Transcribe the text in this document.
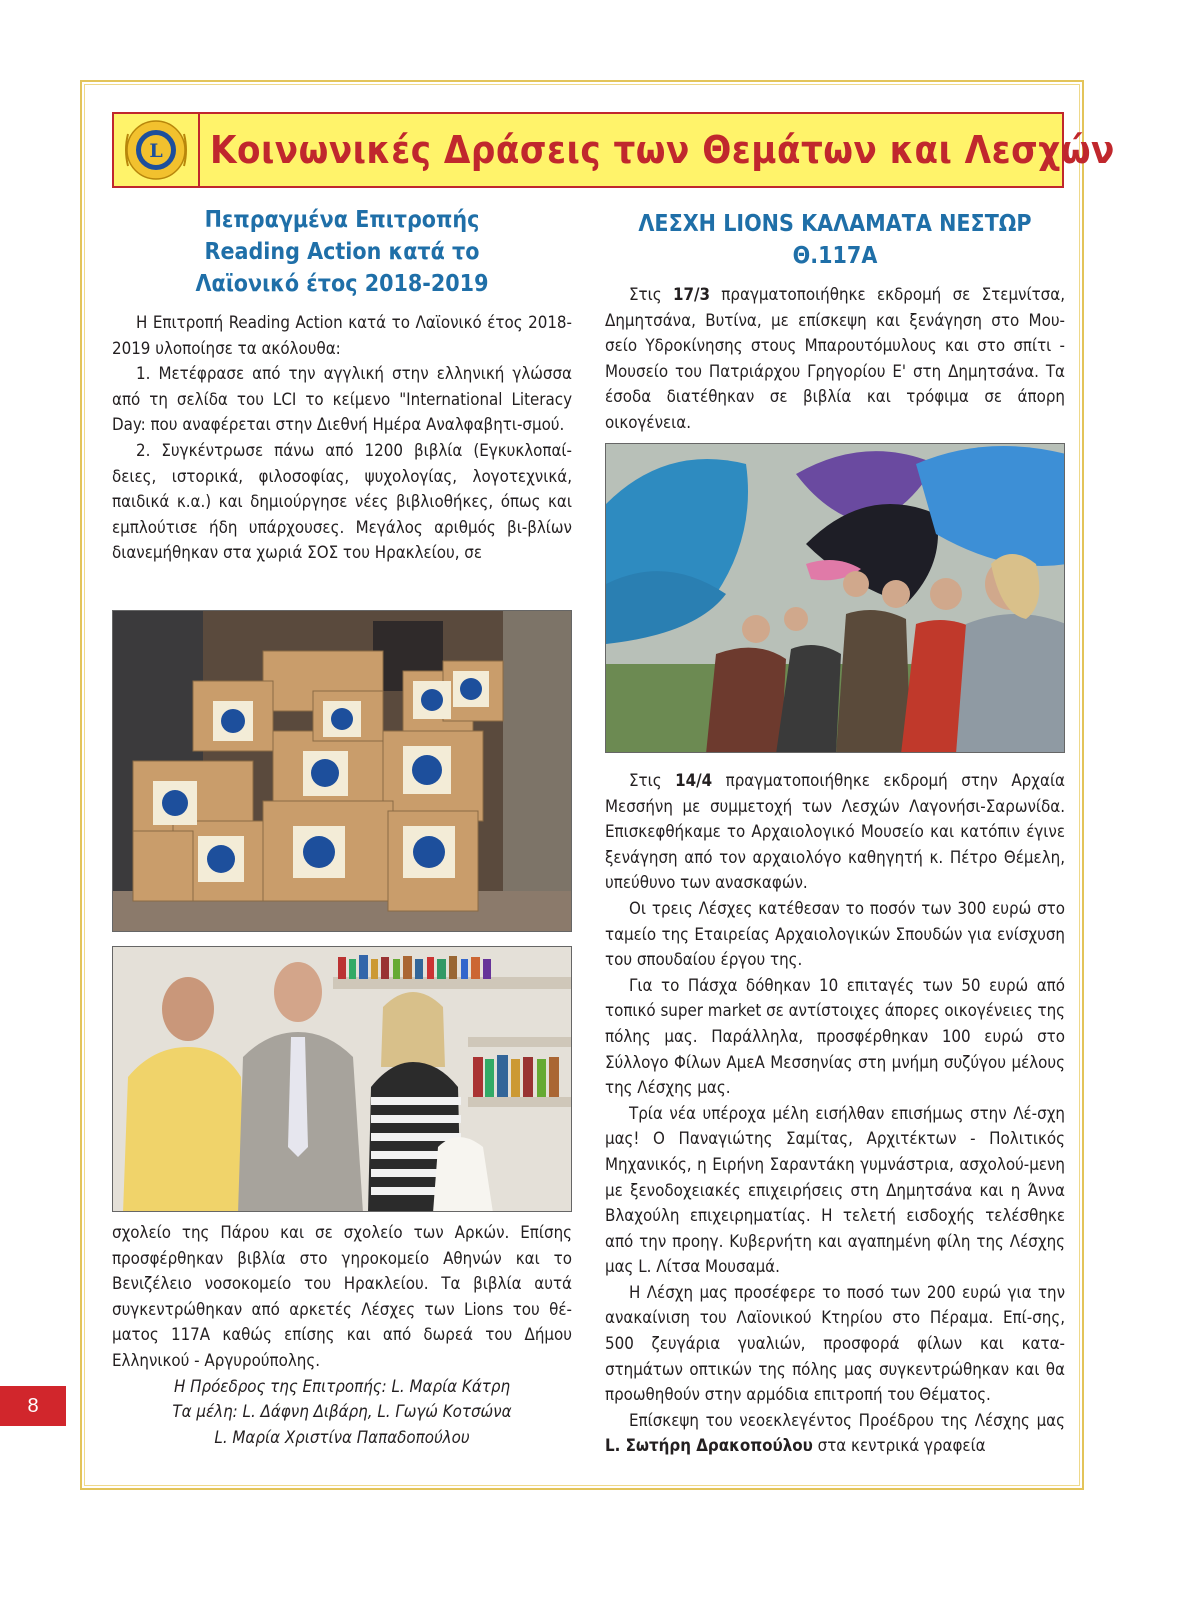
L
LIONS INTERNATIONAL
Κοινωνικές Δράσεις των Θεμάτων και Λεσχών
Πεπραγμένα Επιτροπής
Reading Action κατά το
Λαϊονικό έτος 2018-2019

Η Επιτροπή Reading Action κατά το Λαϊονικό έτος 2018-2019 υλοποίησε τα ακόλουθα:

1. Μετέφρασε από την αγγλική στην ελληνική γλώσσα από τη σελίδα του LCI το κείμενο "International Literacy Day: που αναφέρεται στην Διεθνή Ημέρα Αναλφαβητι-σμού.

2. Συγκέντρωσε πάνω από 1200 βιβλία (Εγκυκλοπαί-δειες, ιστορικά, φιλοσοφίας, ψυχολογίας, λογοτεχνικά, παιδικά κ.α.) και δημιούργησε νέες βιβλιοθήκες, όπως και εμπλούτισε ήδη υπάρχουσες. Μεγάλος αριθμός βι-βλίων διανεμήθηκαν στα χωριά ΣΟΣ του Ηρακλείου, σε

σχολείο της Πάρου και σε σχολείο των Αρκών. Επίσης προσφέρθηκαν βιβλία στο γηροκομείο Αθηνών και το Βενιζέλειο νοσοκομείο του Ηρακλείου. Τα βιβλία αυτά συγκεντρώθηκαν από αρκετές Λέσχες των Lions του θέ-ματος 117Α καθώς επίσης και από δωρεά του Δήμου Ελληνικού - Αργυρούπολης.

Η Πρόεδρος της Επιτροπής: L. Μαρία Κάτρη

Τα μέλη: L. Δάφνη Διβάρη, L. Γωγώ Κοτσώνα

L. Μαρία Χριστίνα Παπαδοπούλου

ΛΕΣΧΗ LIONS ΚΑΛΑΜΑΤΑ ΝΕΣΤΩΡ
Θ.117Α

Στις 17/3 πραγματοποιήθηκε εκδρομή σε Στεμνίτσα, Δημητσάνα, Βυτίνα, με επίσκεψη και ξενάγηση στο Μου-σείο Υδροκίνησης στους Μπαρουτόμυλους και στο σπίτι - Μουσείο του Πατριάρχου Γρηγορίου Ε' στη Δημητσάνα. Τα έσοδα διατέθηκαν σε βιβλία και τρόφιμα σε άπορη οικογένεια.

Στις 14/4 πραγματοποιήθηκε εκδρομή στην Αρχαία Μεσσήνη με συμμετοχή των Λεσχών Λαγονήσι-Σαρωνίδα. Επισκεφθήκαμε το Αρχαιολογικό Μουσείο και κατόπιν έγινε ξενάγηση από τον αρχαιολόγο καθηγητή κ. Πέτρο Θέμελη, υπεύθυνο των ανασκαφών.

Οι τρεις Λέσχες κατέθεσαν το ποσόν των 300 ευρώ στο ταμείο της Εταιρείας Αρχαιολογικών Σπουδών για ενίσχυση του σπουδαίου έργου της.

Για το Πάσχα δόθηκαν 10 επιταγές των 50 ευρώ από τοπικό super market σε αντίστοιχες άπορες οικογένειες της πόλης μας. Παράλληλα, προσφέρθηκαν 100 ευρώ στο Σύλλογο Φίλων ΑμεΑ Μεσσηνίας στη μνήμη συζύγου μέλους της Λέσχης μας.

Τρία νέα υπέροχα μέλη εισήλθαν επισήμως στην Λέ-σχη μας! Ο Παναγιώτης Σαμίτας, Αρχιτέκτων - Πολιτικός Μηχανικός, η Ειρήνη Σαραντάκη γυμνάστρια, ασχολού-μενη με ξενοδοχειακές επιχειρήσεις στη Δημητσάνα και η Άννα Βλαχούλη επιχειρηματίας. Η τελετή εισδοχής τελέσθηκε από την προηγ. Κυβερνήτη και αγαπημένη φίλη της Λέσχης μας L. Λίτσα Μουσαμά.

Η Λέσχη μας προσέφερε το ποσό των 200 ευρώ για την ανακαίνιση του Λαϊονικού Κτηρίου στο Πέραμα. Επί-σης, 500 ζευγάρια γυαλιών, προσφορά φίλων και κατα-στημάτων οπτικών της πόλης μας συγκεντρώθηκαν και θα προωθηθούν στην αρμόδια επιτροπή του Θέματος.

Επίσκεψη του νεοεκλεγέντος Προέδρου της Λέσχης μας L. Σωτήρη Δρακοπούλου στα κεντρικά γραφεία

8
